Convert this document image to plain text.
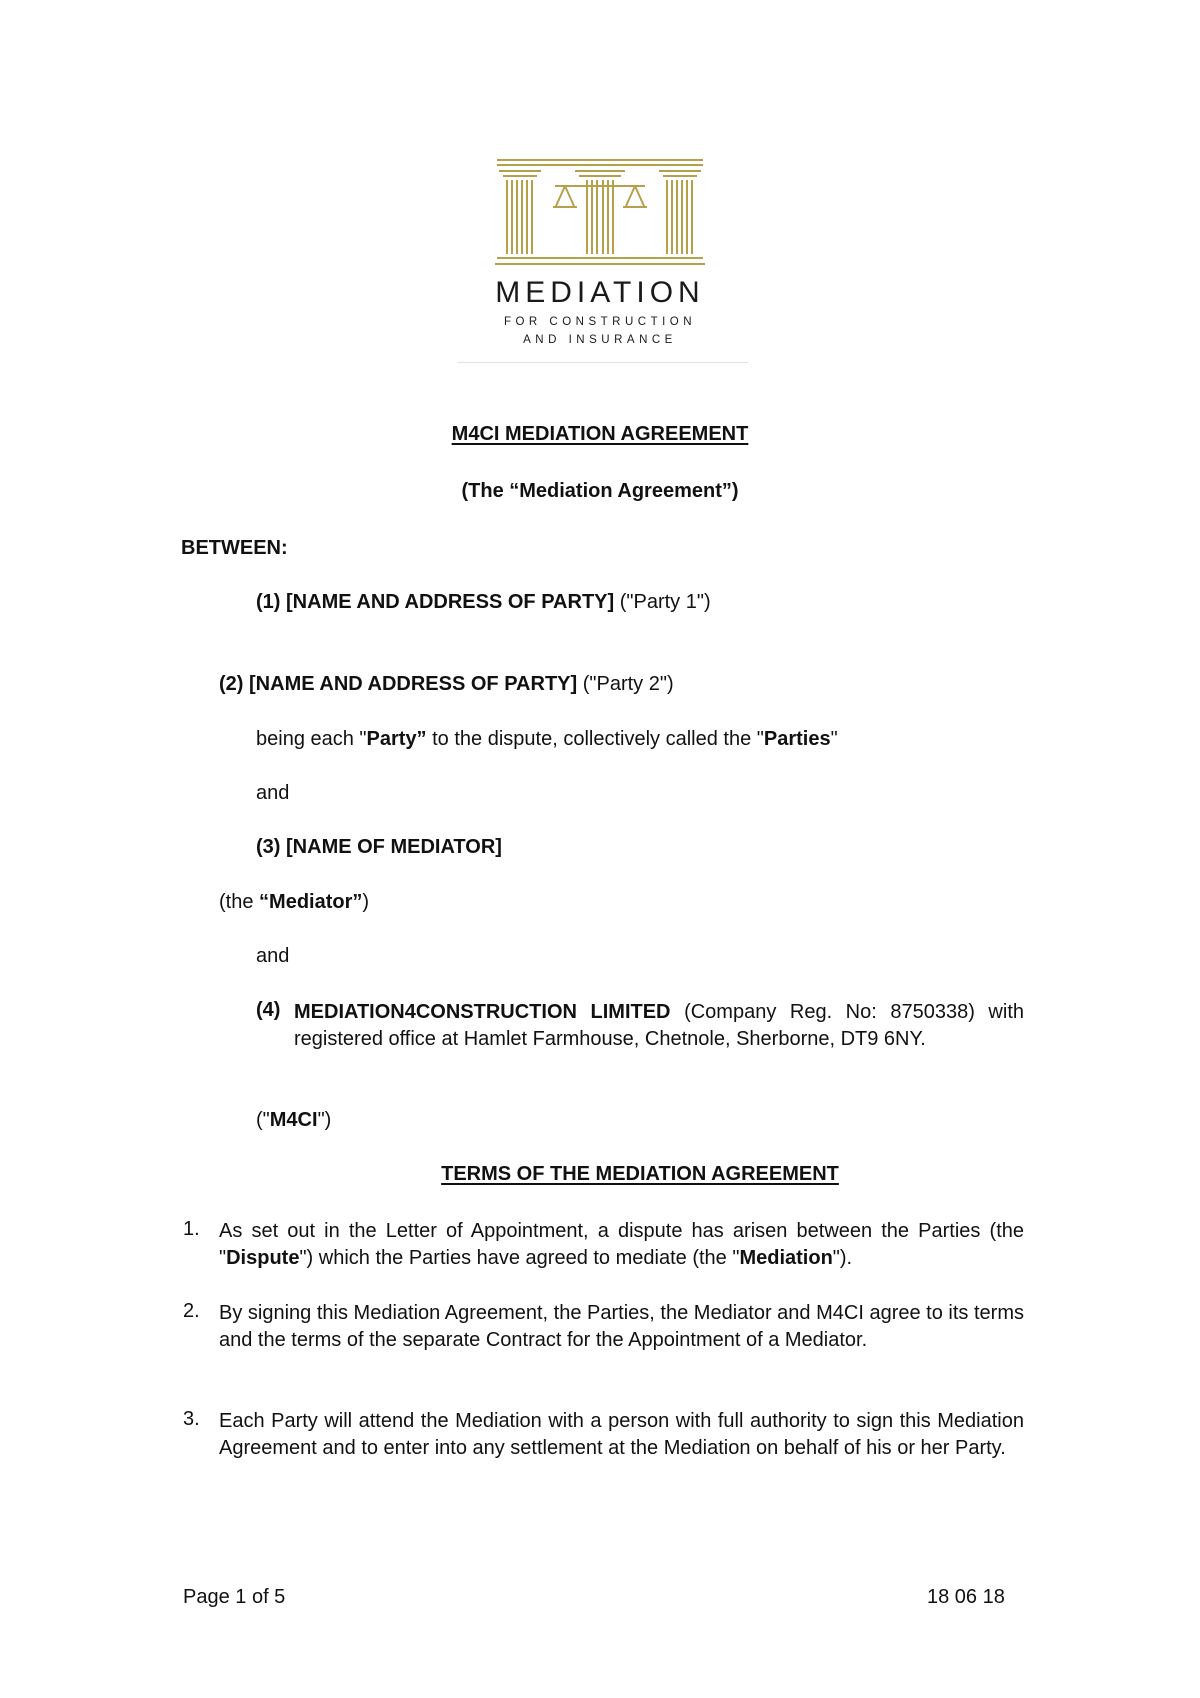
MEDIATION
FOR CONSTRUCTION
AND INSURANCE
M4CI MEDIATION AGREEMENT
(The “Mediation Agreement”)
BETWEEN:
(1) [NAME AND ADDRESS OF PARTY] ("Party 1")
(2) [NAME AND ADDRESS OF PARTY] ("Party 2")
being each "Party” to the dispute, collectively called the "Parties"
and
(3) [NAME OF MEDIATOR]
(the “Mediator”)
and
(4) MEDIATION4CONSTRUCTION LIMITED (Company Reg. No: 8750338) with registered office at Hamlet Farmhouse, Chetnole, Sherborne, DT9 6NY.
("M4CI")
TERMS OF THE MEDIATION AGREEMENT
1. As set out in the Letter of Appointment, a dispute has arisen between the Parties (the "Dispute") which the Parties have agreed to mediate (the "Mediation").
2. By signing this Mediation Agreement, the Parties, the Mediator and M4CI agree to its terms and the terms of the separate Contract for the Appointment of a Mediator.
3. Each Party will attend the Mediation with a person with full authority to sign this Mediation Agreement and to enter into any settlement at the Mediation on behalf of his or her Party.
Page 1 of 5	18 06 18
